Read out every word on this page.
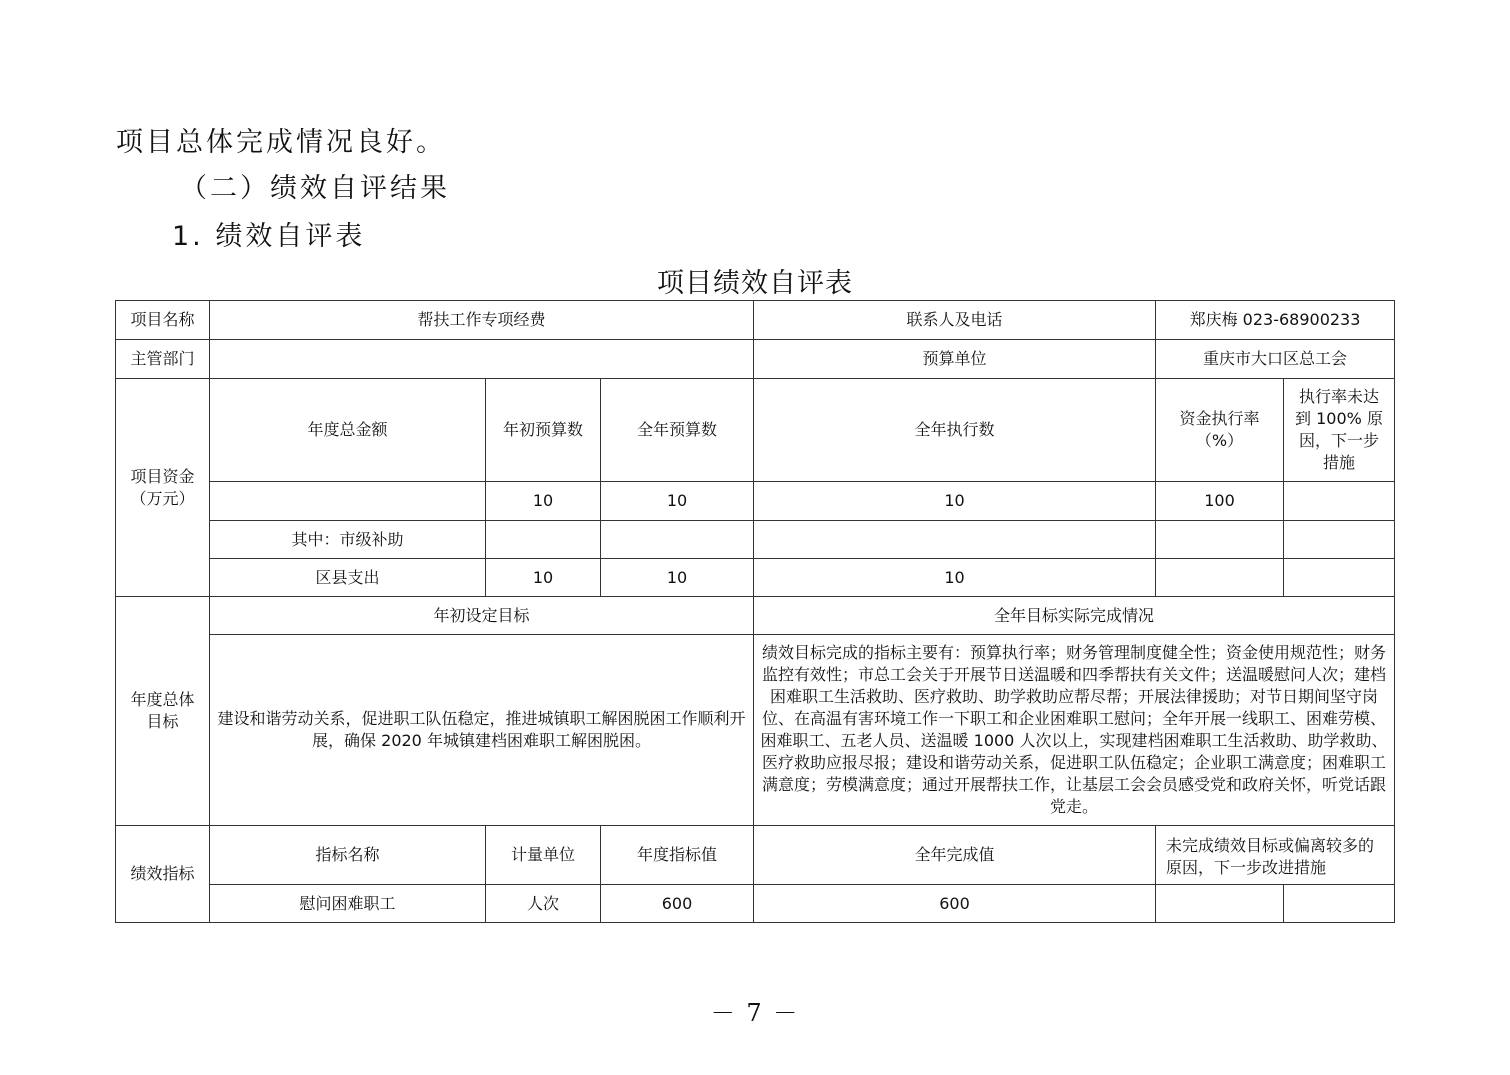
项目总体完成情况良好。
（二）绩效自评结果
1. 绩效自评表
项目绩效自评表
项目名称	帮扶工作专项经费			联系人及电话	郑庆梅 023-68900233	
主管部门				预算单位	重庆市大口区总工会	
项目资金（万元）	年度总金额	年初预算数	全年预算数	全年执行数	资金执行率（%）	执行率未达到 100% 原因，下一步措施
		10	10	10	100	
	其中：市级补助					
	区县支出	10	10	10		
年度总体目标	年初设定目标			全年目标实际完成情况		
	建设和谐劳动关系，促进职工队伍稳定，推进城镇职工解困脱困工作顺利开展，确保 2020 年城镇建档困难职工解困脱困。			绩效目标完成的指标主要有：预算执行率；财务管理制度健全性；资金使用规范性；财务监控有效性；市总工会关于开展节日送温暖和四季帮扶有关文件；送温暖慰问人次；建档困难职工生活救助、医疗救助、助学救助应帮尽帮；开展法律援助；对节日期间坚守岗位、在高温有害环境工作一下职工和企业困难职工慰问；全年开展一线职工、困难劳模、困难职工、五老人员、送温暖 1000 人次以上，实现建档困难职工生活救助、助学救助、医疗救助应报尽报；建设和谐劳动关系，促进职工队伍稳定；企业职工满意度；困难职工满意度；劳模满意度；通过开展帮扶工作，让基层工会会员感受党和政府关怀，听党话跟党走。		
绩效指标	指标名称	计量单位	年度指标值	全年完成值	未完成绩效目标或偏离较多的原因，下一步改进措施	
	慰问困难职工	人次	600	600		
－ 7 －
